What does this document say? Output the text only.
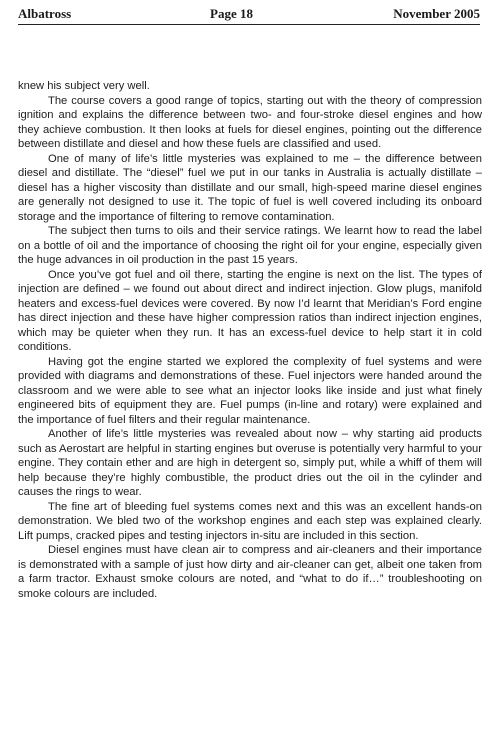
Albatross	Page 18	November 2005

knew his subject very well.

The course covers a good range of topics, starting out with the theory of compression ignition and explains the difference between two- and four-stroke diesel engines and how they achieve combustion. It then looks at fuels for diesel engines, pointing out the difference between distillate and diesel and how these fuels are classified and used.

One of many of life’s little mysteries was explained to me – the difference between diesel and distillate. The “diesel” fuel we put in our tanks in Australia is actually distillate – diesel has a higher viscosity than distillate and our small, high-speed marine diesel engines are generally not designed to use it. The topic of fuel is well covered including its onboard storage and the importance of filtering to remove contamination.

The subject then turns to oils and their service ratings. We learnt how to read the label on a bottle of oil and the importance of choosing the right oil for your engine, especially given the huge advances in oil production in the past 15 years.

Once you’ve got fuel and oil there, starting the engine is next on the list. The types of injection are defined – we found out about direct and indirect injection. Glow plugs, manifold heaters and excess-fuel devices were covered. By now I’d learnt that Meridian’s Ford engine has direct injection and these have higher compression ratios than indirect injection engines, which may be quieter when they run. It has an excess-fuel device to help start it in cold conditions.

Having got the engine started we explored the complexity of fuel systems and were provided with diagrams and demonstrations of these. Fuel injectors were handed around the classroom and we were able to see what an injector looks like inside and just what finely engineered bits of equipment they are. Fuel pumps (in-line and rotary) were explained and the importance of fuel filters and their regular maintenance.

Another of life’s little mysteries was revealed about now – why starting aid products such as Aerostart are helpful in starting engines but overuse is potentially very harmful to your engine. They contain ether and are high in detergent so, simply put, while a whiff of them will help because they’re highly combustible, the product dries out the oil in the cylinder and causes the rings to wear.

The fine art of bleeding fuel systems comes next and this was an excellent hands-on demonstration. We bled two of the workshop engines and each step was explained clearly. Lift pumps, cracked pipes and testing injectors in-situ are included in this section.

Diesel engines must have clean air to compress and air-cleaners and their importance is demonstrated with a sample of just how dirty and air-cleaner can get, albeit one taken from a farm tractor. Exhaust smoke colours are noted, and “what to do if…” troubleshooting on smoke colours are included.
